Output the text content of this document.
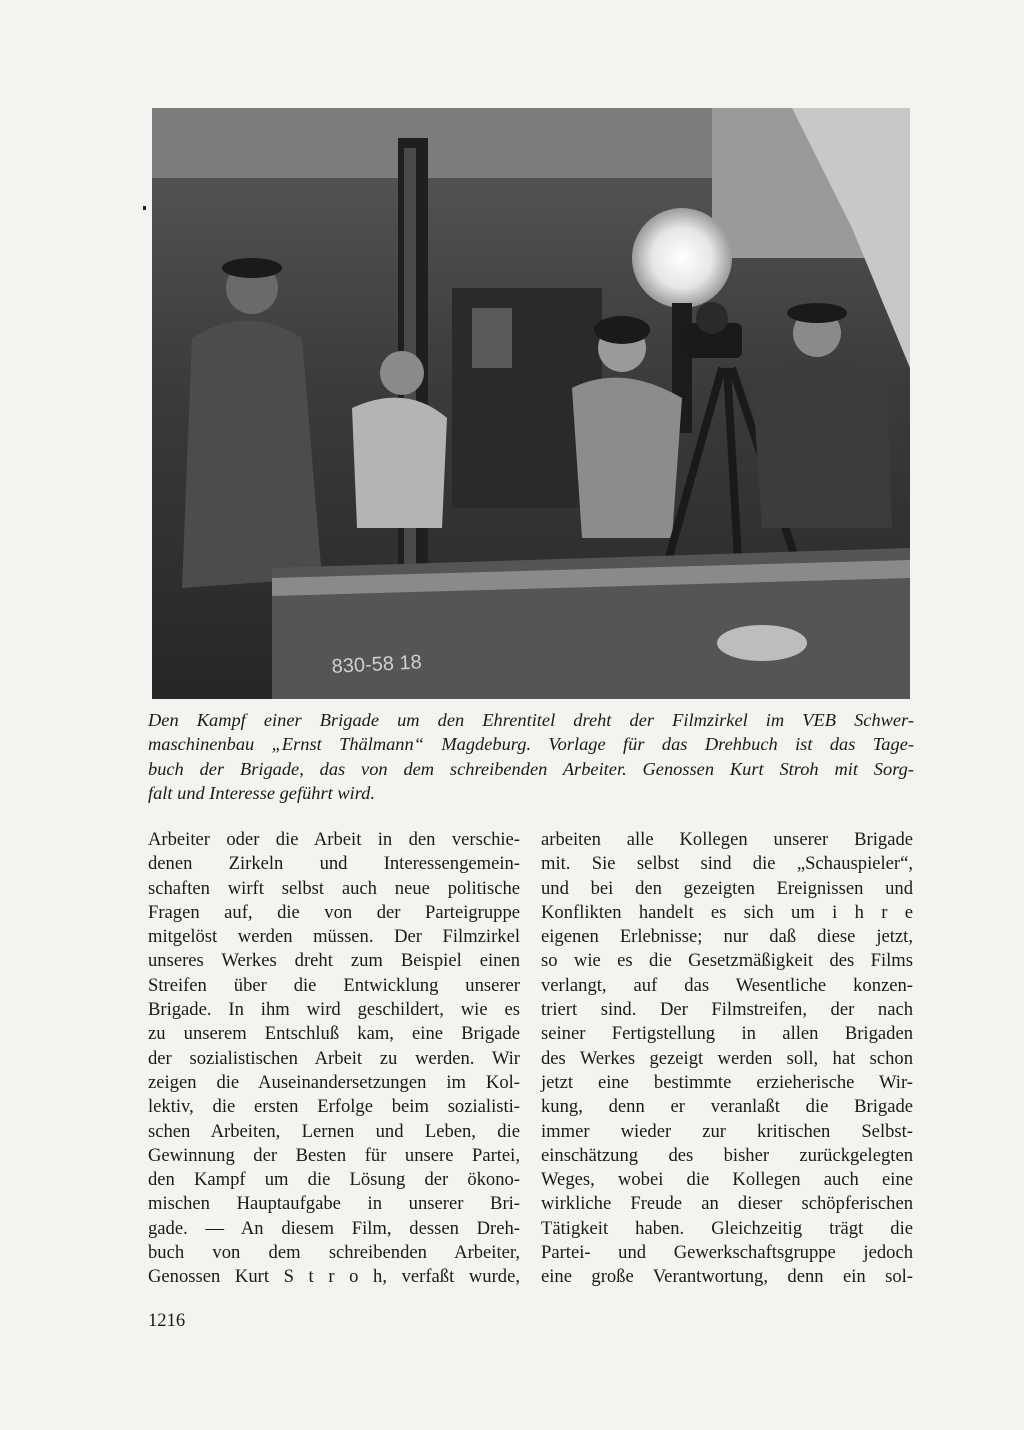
830-58 18
Den Kampf einer Brigade um den Ehrentitel dreht der Filmzirkel im VEB Schwer-
maschinenbau „Ernst Thälmann“ Magdeburg. Vorlage für das Drehbuch ist das Tage-
buch der Brigade, das von dem schreibenden Arbeiter. Genossen Kurt Stroh mit Sorg-
falt und Interesse geführt wird.
Arbeiter oder die Arbeit in den verschie-
denen Zirkeln und Interessengemein-
schaften wirft selbst auch neue politische
Fragen auf, die von der Parteigruppe
mitgelöst werden müssen. Der Filmzirkel
unseres Werkes dreht zum Beispiel einen
Streifen über die Entwicklung unserer
Brigade. In ihm wird geschildert, wie es
zu unserem Entschluß kam, eine Brigade
der sozialistischen Arbeit zu werden. Wir
zeigen die Auseinandersetzungen im Kol-
lektiv, die ersten Erfolge beim sozialisti-
schen Arbeiten, Lernen und Leben, die
Gewinnung der Besten für unsere Partei,
den Kampf um die Lösung der ökono-
mischen Hauptaufgabe in unserer Bri-
gade. — An diesem Film, dessen Dreh-
buch von dem schreibenden Arbeiter,
Genossen Kurt S t r o h, verfaßt wurde,
arbeiten alle Kollegen unserer Brigade
mit. Sie selbst sind die „Schauspieler“,
und bei den gezeigten Ereignissen und
Konflikten handelt es sich um i h r e
eigenen Erlebnisse; nur daß diese jetzt,
so wie es die Gesetzmäßigkeit des Films
verlangt, auf das Wesentliche konzen-
triert sind. Der Filmstreifen, der nach
seiner Fertigstellung in allen Brigaden
des Werkes gezeigt werden soll, hat schon
jetzt eine bestimmte erzieherische Wir-
kung, denn er veranlaßt die Brigade
immer wieder zur kritischen Selbst-
einschätzung des bisher zurückgelegten
Weges, wobei die Kollegen auch eine
wirkliche Freude an dieser schöpferischen
Tätigkeit haben. Gleichzeitig trägt die
Partei- und Gewerkschaftsgruppe jedoch
eine große Verantwortung, denn ein sol-
1216
